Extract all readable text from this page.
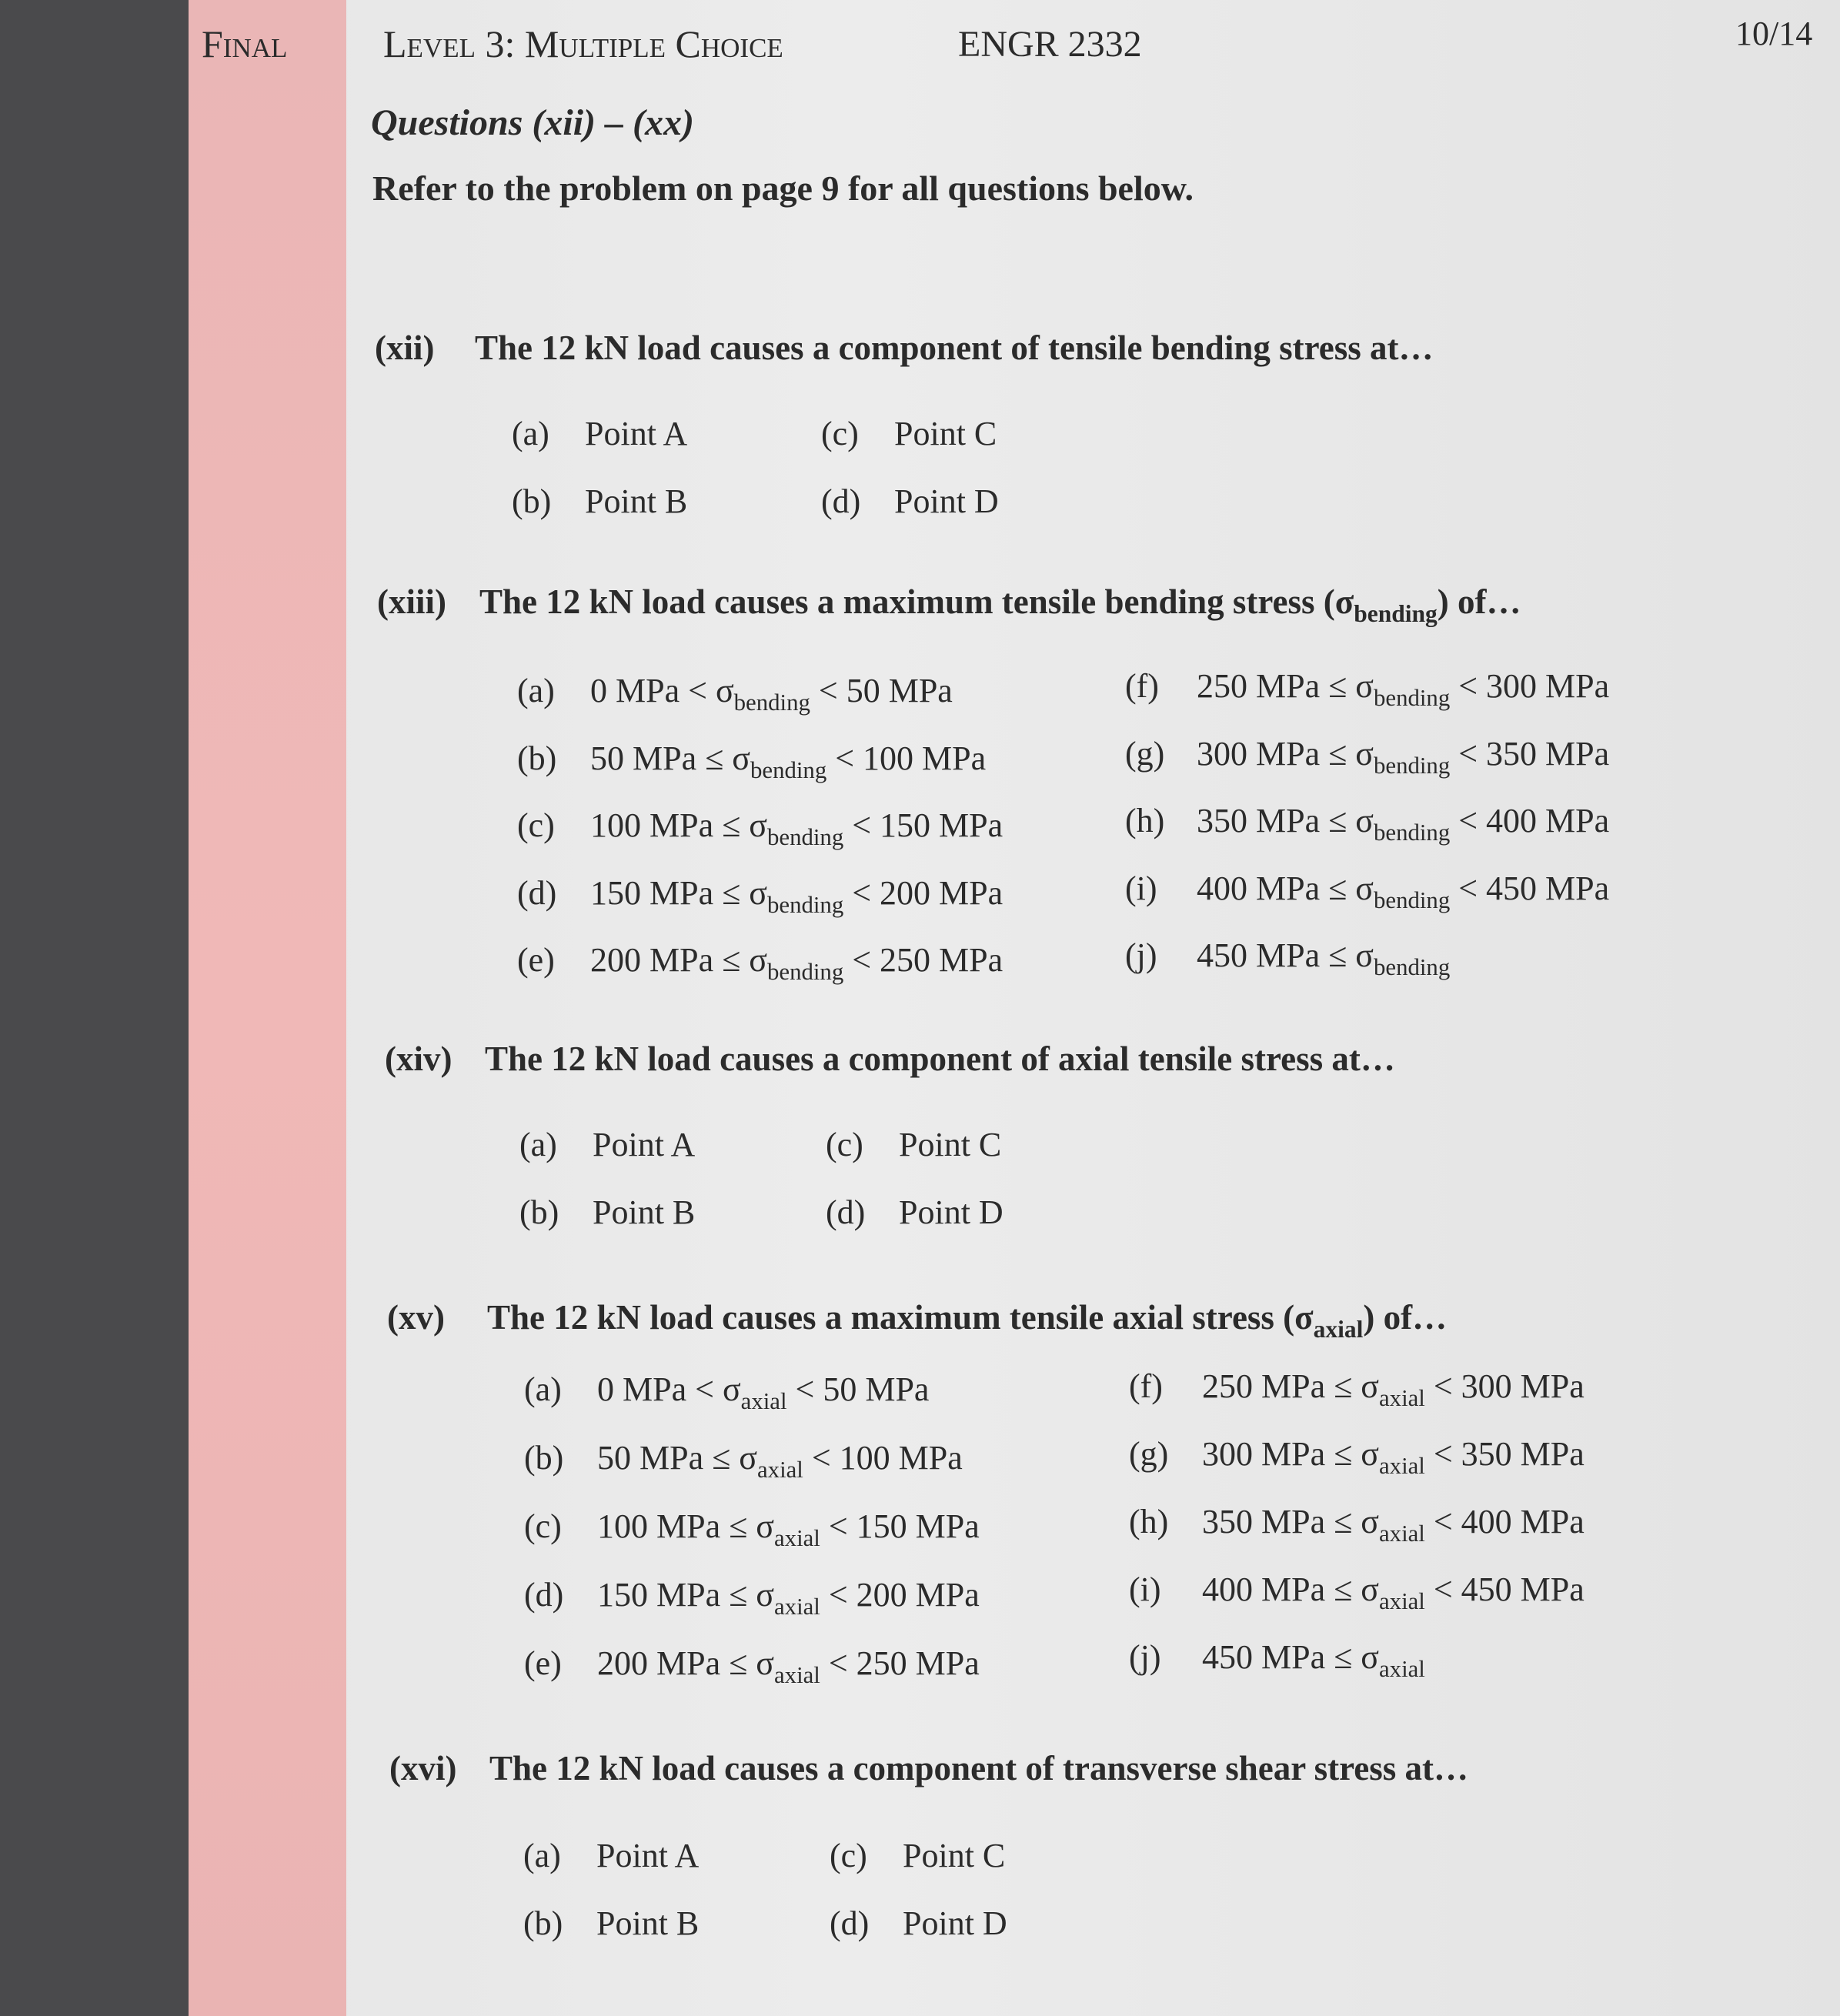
Final Level 3: Multiple Choice	ENGR 2332	10/14
Questions (xii) – (xx)
Refer to the problem on page 9 for all questions below.
(xii) The 12 kN load causes a component of tensile bending stress at…
(a) Point A
(b) Point B
(c) Point C
(d) Point D
(xiii) The 12 kN load causes a maximum tensile bending stress $(\sigma_{bending})$ of…
(a) 0 MPa < $\sigma_{bending} < 50$ MPa
(b) 50 MPa ≤ $\sigma_{bending} < 100$ MPa
(c) 100 MPa ≤ $\sigma_{bending} < 150$ MPa
(d) 150 MPa ≤ $\sigma_{bending} < 200$ MPa
(e) 200 MPa ≤ $\sigma_{bending} < 250$ MPa
(f) 250 MPa ≤ $\sigma_{bending} < 300$ MPa
(g) 300 MPa ≤ $\sigma_{bending} < 350$ MPa
(h) 350 MPa ≤ $\sigma_{bending} < 400$ MPa
(i) 400 MPa ≤ $\sigma_{bending} < 450$ MPa
(j) 450 MPa ≤ $\sigma_{bending}$
(xiv) The 12 kN load causes a component of axial tensile stress at…
(a) Point A
(b) Point B
(c) Point C
(d) Point D
(xv) The 12 kN load causes a maximum tensile axial stress $(\sigma_{axial})$ of…
(a) 0 MPa < $\sigma_{axial} < 50$ MPa
(b) 50 MPa ≤ $\sigma_{axial} < 100$ MPa
(c) 100 MPa ≤ $\sigma_{axial} < 150$ MPa
(d) 150 MPa ≤ $\sigma_{axial} < 200$ MPa
(e) 200 MPa ≤ $\sigma_{axial} < 250$ MPa
(f) 250 MPa ≤ $\sigma_{axial} < 300$ MPa
(g) 300 MPa ≤ $\sigma_{axial} < 350$ MPa
(h) 350 MPa ≤ $\sigma_{axial} < 400$ MPa
(i) 400 MPa ≤ $\sigma_{axial} < 450$ MPa
(j) 450 MPa ≤ $\sigma_{axial}$
(xvi) The 12 kN load causes a component of transverse shear stress at…
(a) Point A
(b) Point B
(c) Point C
(d) Point D
